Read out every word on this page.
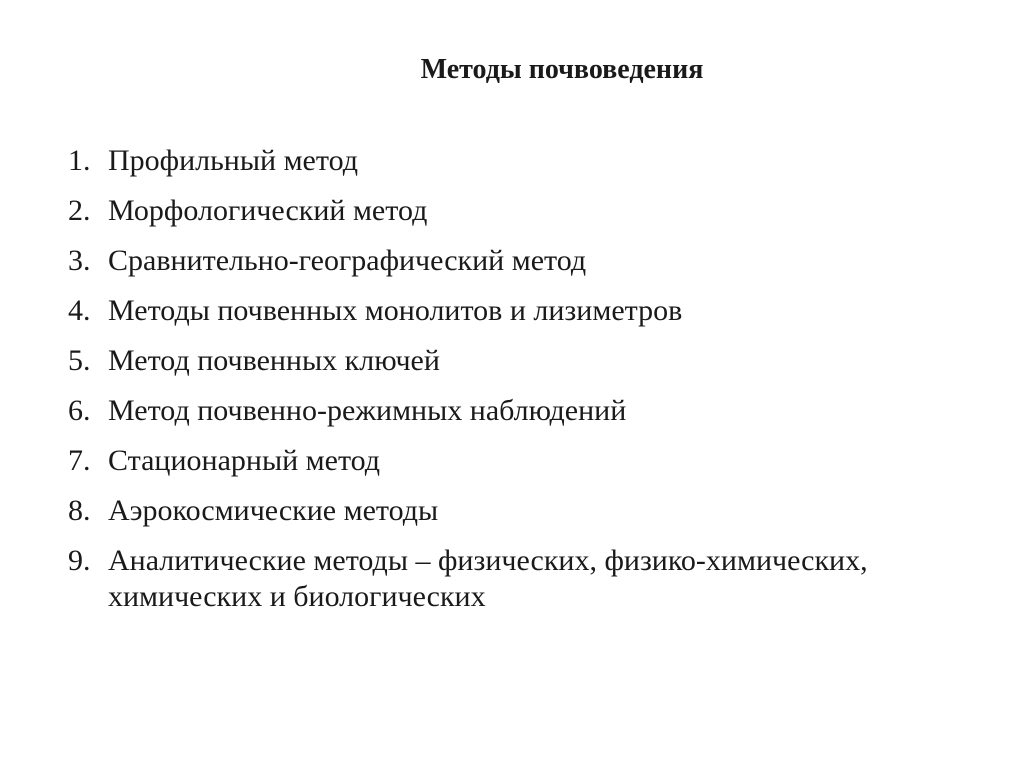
Методы почвоведения
1. Профильный метод
2. Морфологический метод
3. Сравнительно-географический метод
4. Методы почвенных монолитов и лизиметров
5. Метод почвенных ключей
6. Метод почвенно-режимных наблюдений
7. Стационарный метод
8. Аэрокосмические методы
9. Аналитические методы – физических, физико-химических, химических и биологических
